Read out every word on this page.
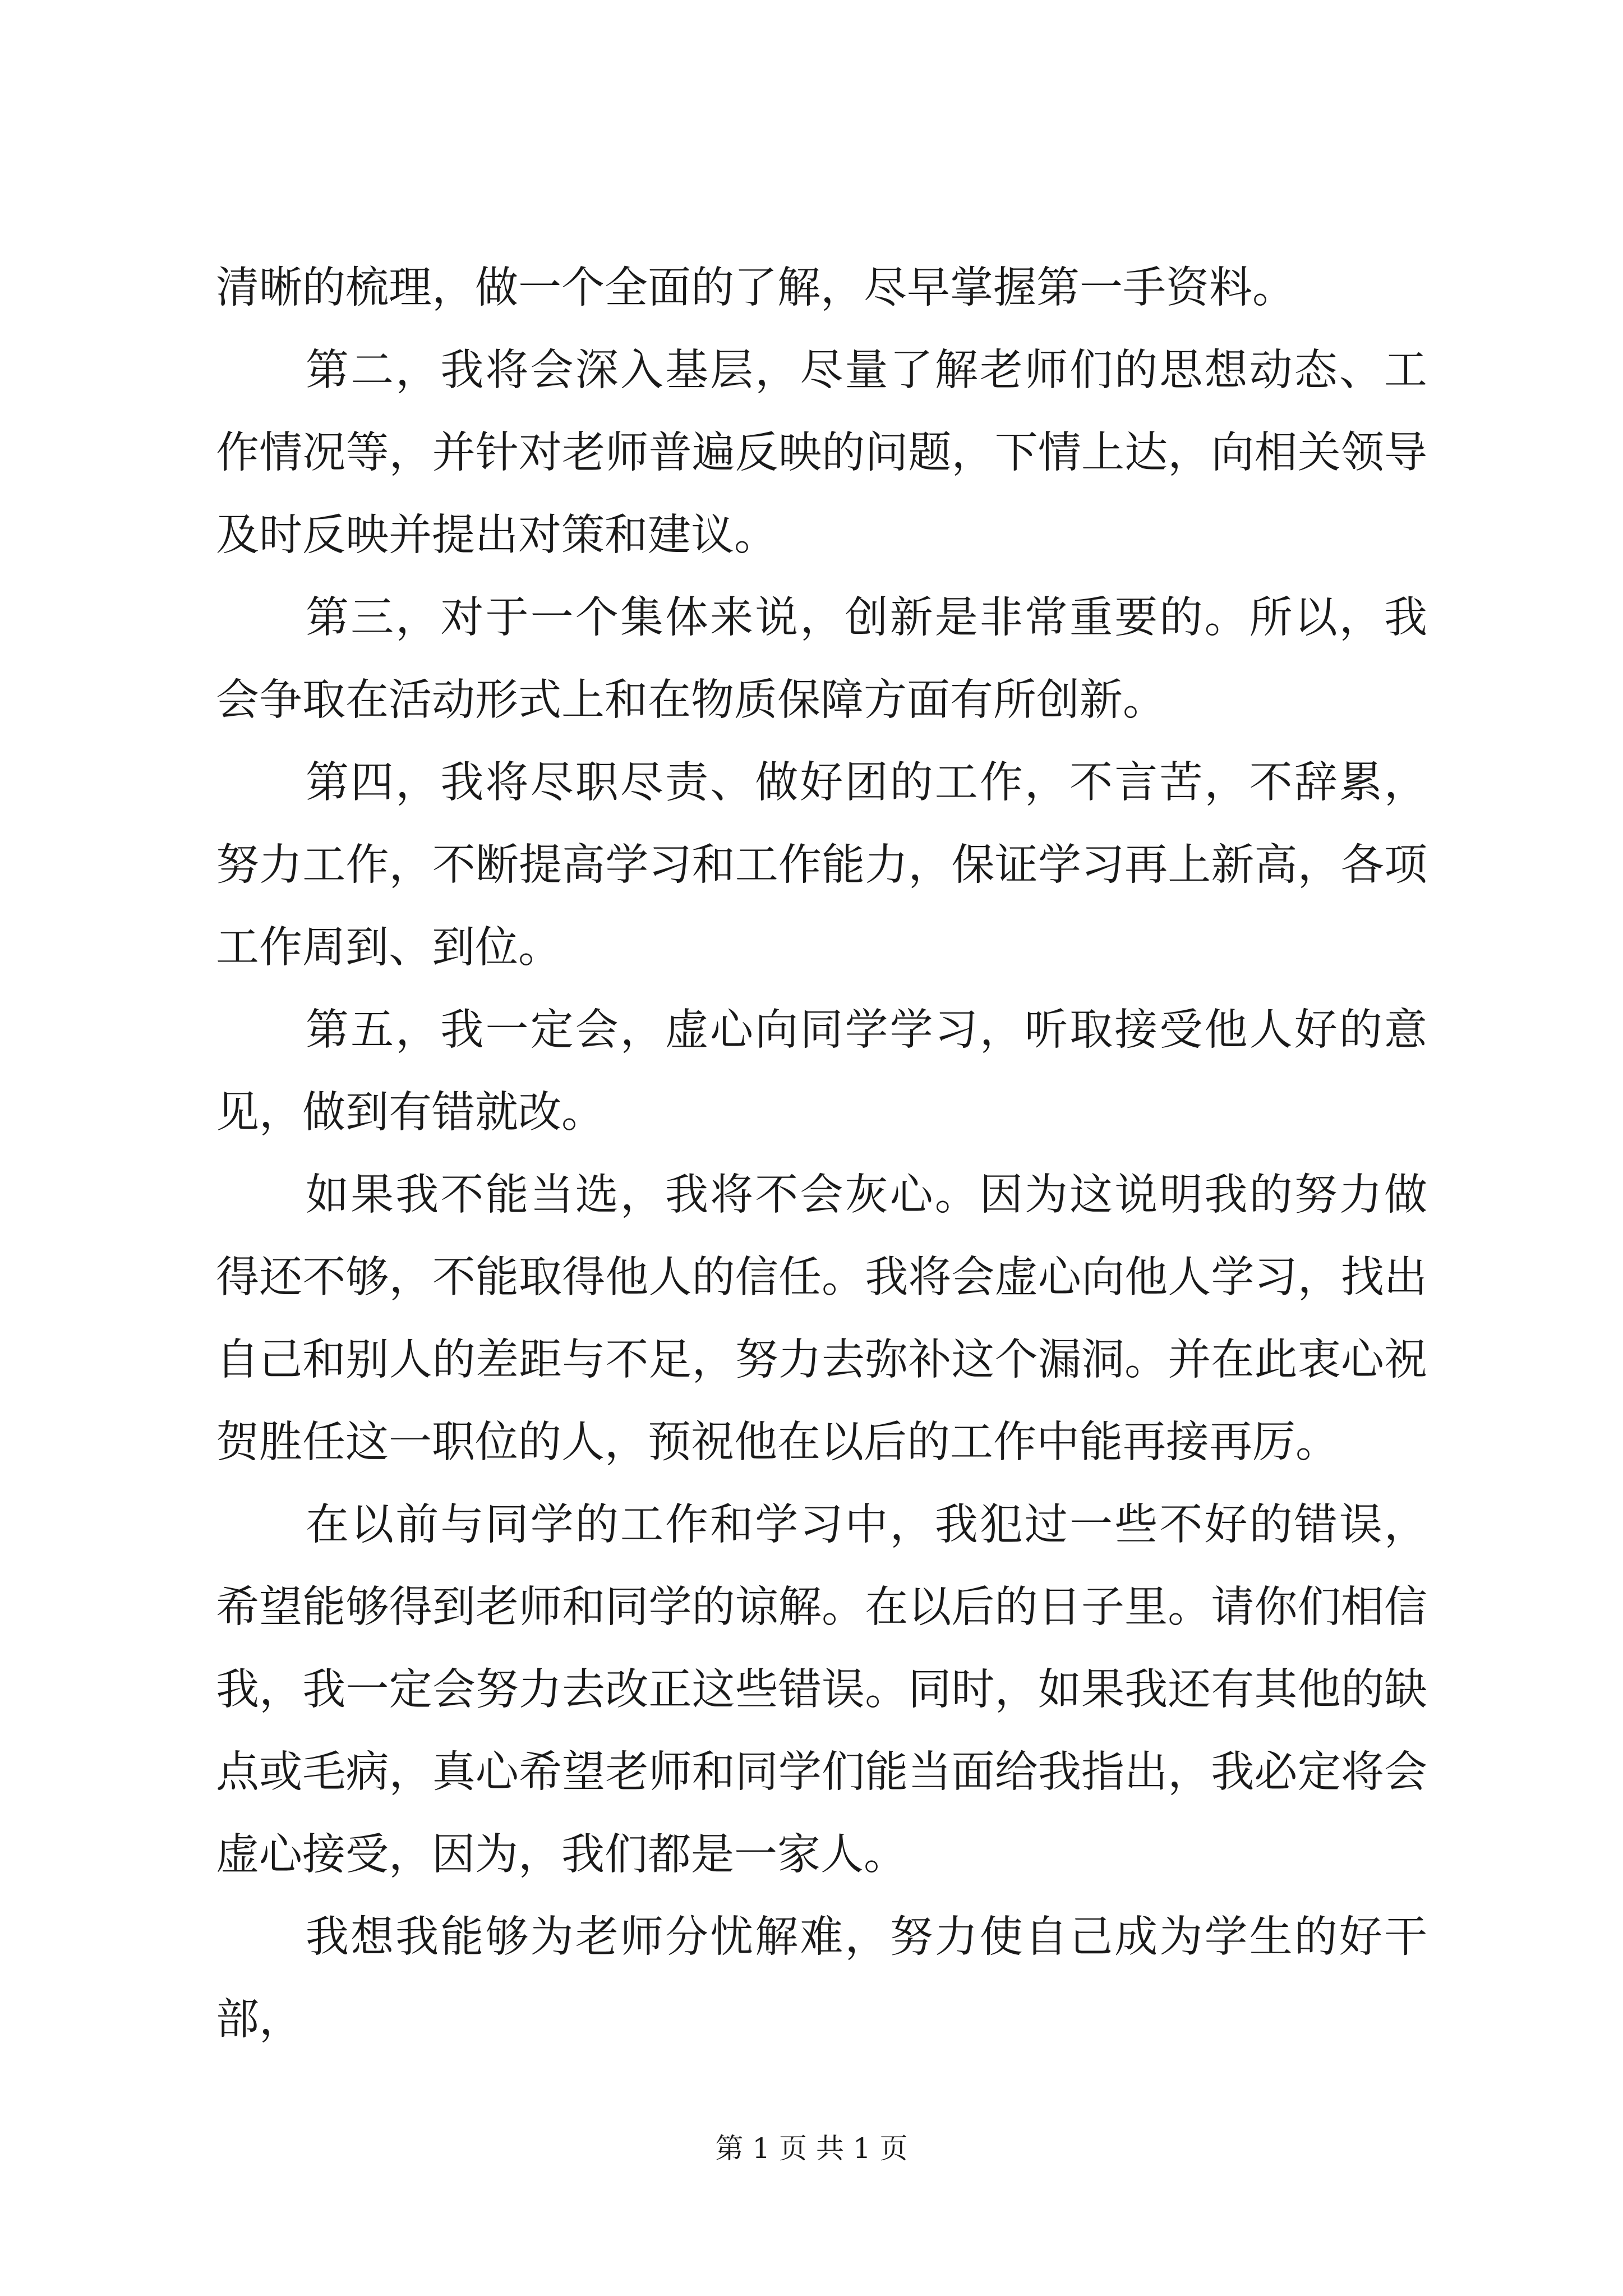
清晰的梳理，做一个全面的了解，尽早掌握第一手资料。

第二，我将会深入基层，尽量了解老师们的思想动态、工作情况等，并针对老师普遍反映的问题，下情上达，向相关领导及时反映并提出对策和建议。

第三，对于一个集体来说，创新是非常重要的。所以，我会争取在活动形式上和在物质保障方面有所创新。

第四，我将尽职尽责、做好团的工作，不言苦，不辞累，努力工作，不断提高学习和工作能力，保证学习再上新高，各项工作周到、到位。

第五，我一定会，虚心向同学学习，听取接受他人好的意见，做到有错就改。

如果我不能当选，我将不会灰心。因为这说明我的努力做得还不够，不能取得他人的信任。我将会虚心向他人学习，找出自己和别人的差距与不足，努力去弥补这个漏洞。并在此衷心祝贺胜任这一职位的人，预祝他在以后的工作中能再接再厉。

在以前与同学的工作和学习中，我犯过一些不好的错误，希望能够得到老师和同学的谅解。在以后的日子里。请你们相信我，我一定会努力去改正这些错误。同时，如果我还有其他的缺点或毛病，真心希望老师和同学们能当面给我指出，我必定将会虚心接受，因为，我们都是一家人。

我想我能够为老师分忧解难，努力使自己成为学生的好干部，

第 1 页 共 1 页
